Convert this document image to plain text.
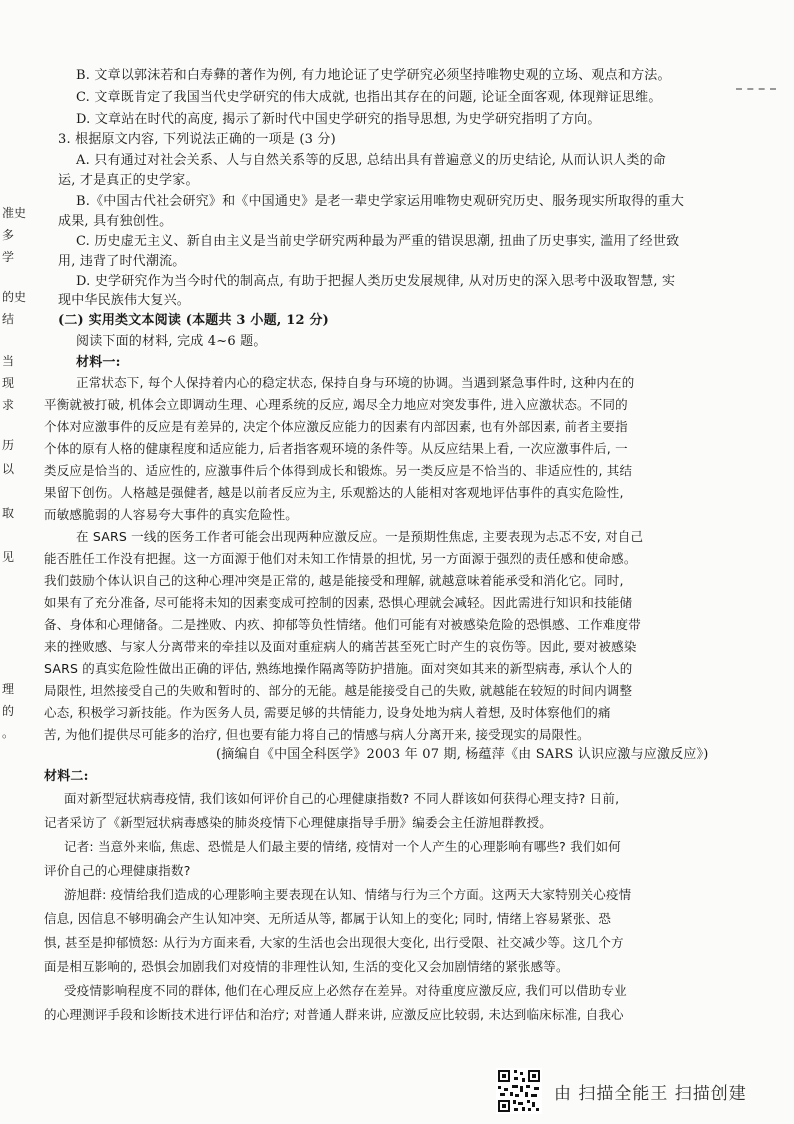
B. 文章以郭沫若和白寿彝的著作为例, 有力地论证了史学研究必须坚持唯物史观的立场、观点和方法。
C. 文章既肯定了我国当代史学研究的伟大成就, 也指出其存在的问题, 论证全面客观, 体现辩证思维。
D. 文章站在时代的高度, 揭示了新时代中国史学研究的指导思想, 为史学研究指明了方向。
3. 根据原文内容, 下列说法正确的一项是 (3 分)
A. 只有通过对社会关系、人与自然关系等的反思, 总结出具有普遍意义的历史结论, 从而认识人类的命
运, 才是真正的史学家。
B.《中国古代社会研究》和《中国通史》是老一辈史学家运用唯物史观研究历史、服务现实所取得的重大
成果, 具有独创性。
C. 历史虚无主义、新自由主义是当前史学研究两种最为严重的错误思潮, 扭曲了历史事实, 滥用了经世致
用, 违背了时代潮流。
D. 史学研究作为当今时代的制高点, 有助于把握人类历史发展规律, 从对历史的深入思考中汲取智慧, 实
现中华民族伟大复兴。
(二) 实用类文本阅读 (本题共 3 小题, 12 分)
阅读下面的材料, 完成 4~6 题。
材料一:
正常状态下, 每个人保持着内心的稳定状态, 保持自身与环境的协调。当遇到紧急事件时, 这种内在的
平衡就被打破, 机体会立即调动生理、心理系统的反应, 竭尽全力地应对突发事件, 进入应激状态。不同的
个体对应激事件的反应是有差异的, 决定个体应激反应能力的因素有内部因素, 也有外部因素, 前者主要指
个体的原有人格的健康程度和适应能力, 后者指客观环境的条件等。从反应结果上看, 一次应激事件后, 一
类反应是恰当的、适应性的, 应激事件后个体得到成长和锻炼。另一类反应是不恰当的、非适应性的, 其结
果留下创伤。人格越是强健者, 越是以前者反应为主, 乐观豁达的人能相对客观地评估事件的真实危险性,
而敏感脆弱的人容易夸大事件的真实危险性。
在 SARS 一线的医务工作者可能会出现两种应激反应。一是预期性焦虑, 主要表现为忐忑不安, 对自己
能否胜任工作没有把握。这一方面源于他们对未知工作情景的担忧, 另一方面源于强烈的责任感和使命感。
我们鼓励个体认识自己的这种心理冲突是正常的, 越是能接受和理解, 就越意味着能承受和消化它。同时,
如果有了充分准备, 尽可能将未知的因素变成可控制的因素, 恐惧心理就会减轻。因此需进行知识和技能储
备、身体和心理储备。二是挫败、内疚、抑郁等负性情绪。他们可能有对被感染危险的恐惧感、工作难度带
来的挫败感、与家人分离带来的牵挂以及面对重症病人的痛苦甚至死亡时产生的哀伤等。因此, 要对被感染
SARS 的真实危险性做出正确的评估, 熟练地操作隔离等防护措施。面对突如其来的新型病毒, 承认个人的
局限性, 坦然接受自己的失败和暂时的、部分的无能。越是能接受自己的失败, 就越能在较短的时间内调整
心态, 积极学习新技能。作为医务人员, 需要足够的共情能力, 设身处地为病人着想, 及时体察他们的痛
苦, 为他们提供尽可能多的治疗, 但也要有能力将自己的情感与病人分离开来, 接受现实的局限性。
(摘编自《中国全科医学》2003 年 07 期, 杨蕴萍《由 SARS 认识应激与应激反应》)
材料二:
面对新型冠状病毒疫情, 我们该如何评价自己的心理健康指数? 不同人群该如何获得心理支持? 日前,
记者采访了《新型冠状病毒感染的肺炎疫情下心理健康指导手册》编委会主任游旭群教授。
记者: 当意外来临, 焦虑、恐慌是人们最主要的情绪, 疫情对一个人产生的心理影响有哪些? 我们如何
评价自己的心理健康指数?
游旭群: 疫情给我们造成的心理影响主要表现在认知、情绪与行为三个方面。这两天大家特别关心疫情
信息, 因信息不够明确会产生认知冲突、无所适从等, 都属于认知上的变化; 同时, 情绪上容易紧张、恐
惧, 甚至是抑郁愤怒: 从行为方面来看, 大家的生活也会出现很大变化, 出行受限、社交减少等。这几个方
面是相互影响的, 恐惧会加剧我们对疫情的非理性认知, 生活的变化又会加剧情绪的紧张感等。
受疫情影响程度不同的群体, 他们在心理反应上必然存在差异。对待重度应激反应, 我们可以借助专业
的心理测评手段和诊断技术进行评估和治疗; 对普通人群来讲, 应激反应比较弱, 未达到临床标准, 自我心
准史
多
学
的史
结
当
现
求
历
以
取
见
理
的
。
由 扫描全能王 扫描创建
